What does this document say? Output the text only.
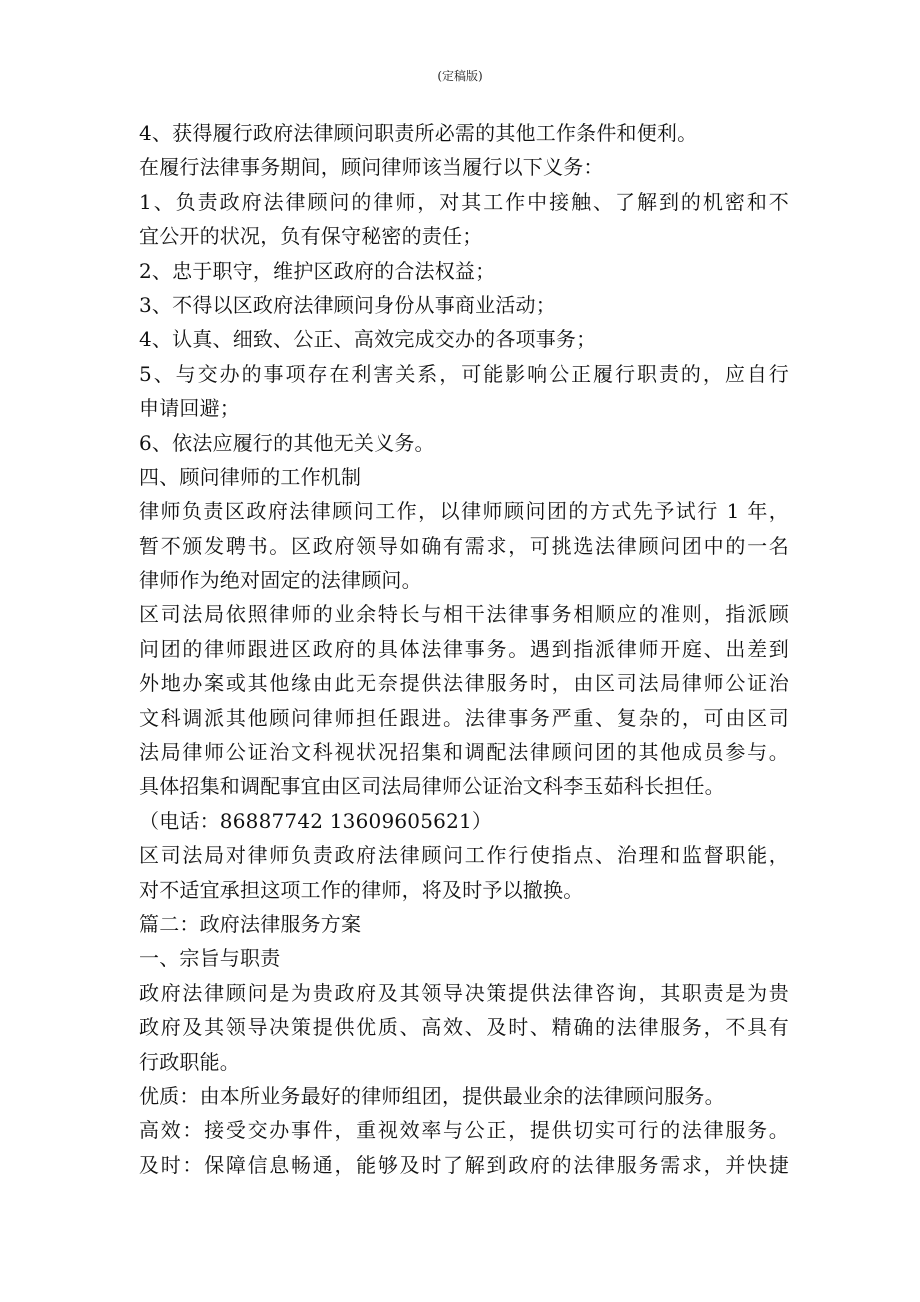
(定稿版)
4、获得履行政府法律顾问职责所必需的其他工作条件和便利。
在履行法律事务期间，顾问律师该当履行以下义务：
1、负责政府法律顾问的律师，对其工作中接触、了解到的机密和不
宜公开的状况，负有保守秘密的责任；
2、忠于职守，维护区政府的合法权益；
3、不得以区政府法律顾问身份从事商业活动；
4、认真、细致、公正、高效完成交办的各项事务；
5、与交办的事项存在利害关系，可能影响公正履行职责的，应自行
申请回避；
6、依法应履行的其他无关义务。
四、顾问律师的工作机制
律师负责区政府法律顾问工作，以律师顾问团的方式先予试行 1 年，
暂不颁发聘书。区政府领导如确有需求，可挑选法律顾问团中的一名
律师作为绝对固定的法律顾问。
区司法局依照律师的业余特长与相干法律事务相顺应的准则，指派顾
问团的律师跟进区政府的具体法律事务。遇到指派律师开庭、出差到
外地办案或其他缘由此无奈提供法律服务时，由区司法局律师公证治
文科调派其他顾问律师担任跟进。法律事务严重、复杂的，可由区司
法局律师公证治文科视状况招集和调配法律顾问团的其他成员参与。
具体招集和调配事宜由区司法局律师公证治文科李玉茹科长担任。
（电话：86887742 13609605621）
区司法局对律师负责政府法律顾问工作行使指点、治理和监督职能，
对不适宜承担这项工作的律师，将及时予以撤换。
篇二：政府法律服务方案
一、宗旨与职责
政府法律顾问是为贵政府及其领导决策提供法律咨询，其职责是为贵
政府及其领导决策提供优质、高效、及时、精确的法律服务，不具有
行政职能。
优质：由本所业务最好的律师组团，提供最业余的法律顾问服务。
高效：接受交办事件，重视效率与公正，提供切实可行的法律服务。
及时：保障信息畅通，能够及时了解到政府的法律服务需求，并快捷
